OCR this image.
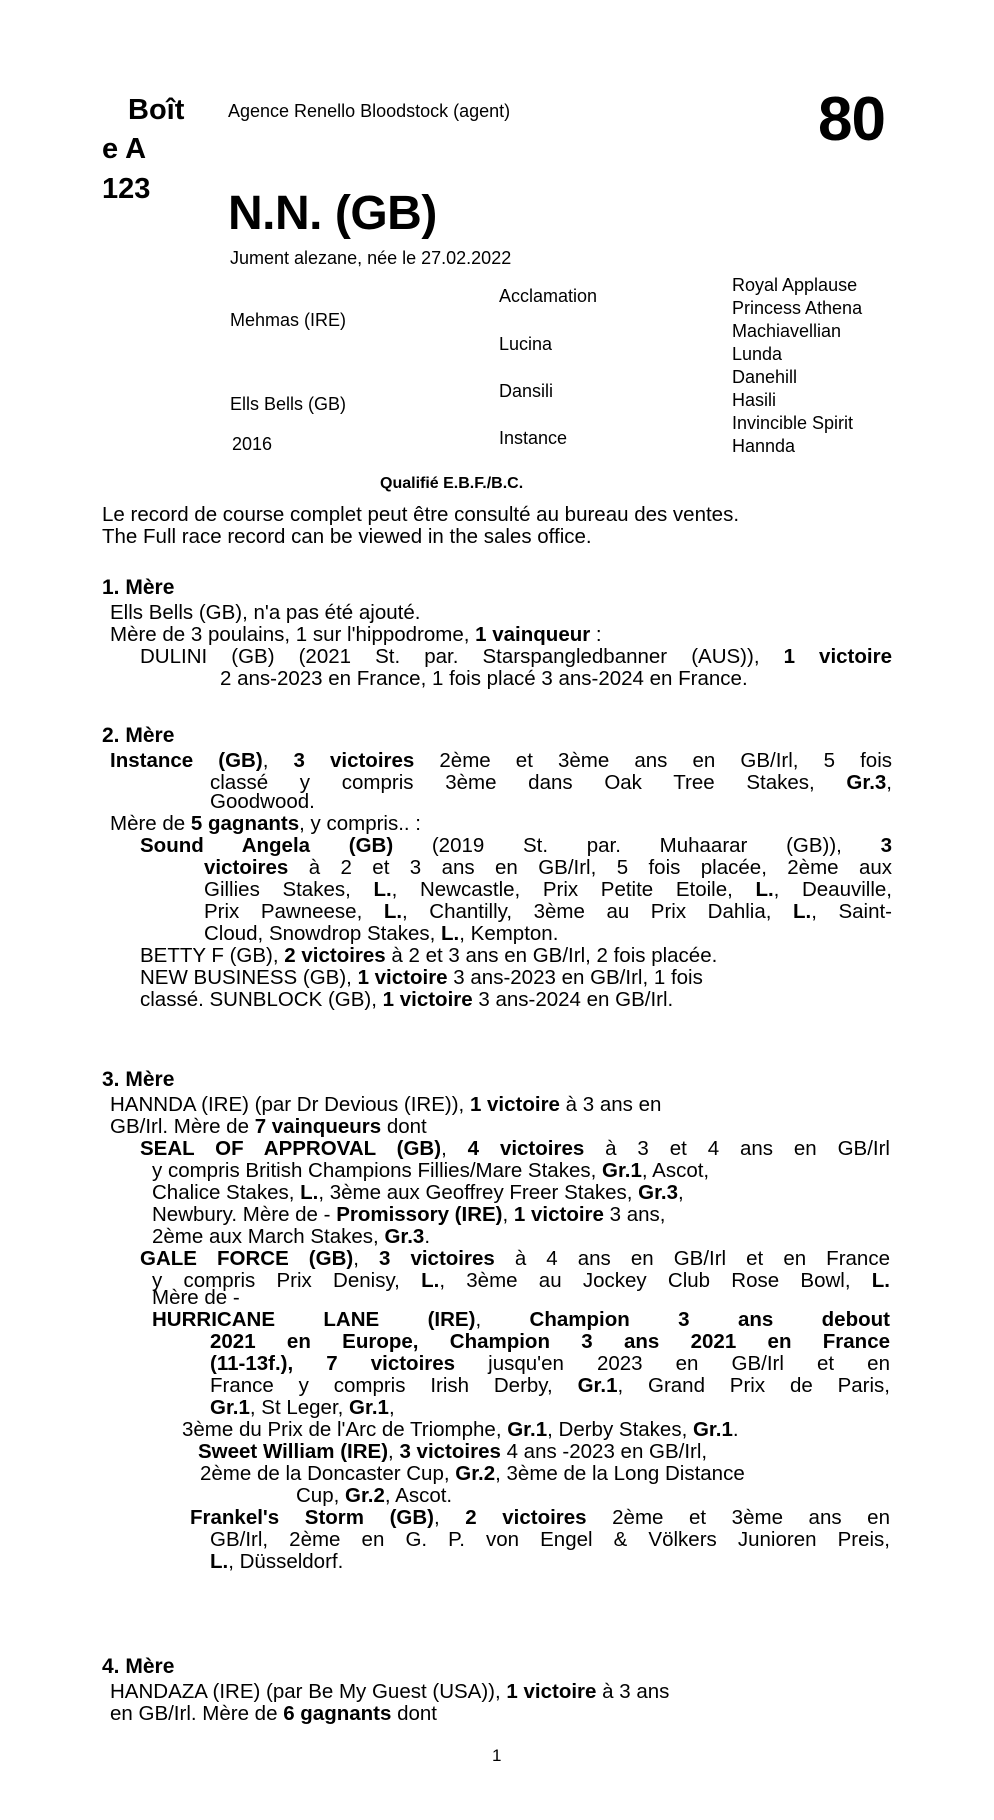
Boît
e A
123
Agence Renello Bloodstock (agent)	80
N.N. (GB)
Jument alezane, née le 27.02.2022
Mehmas (IRE)
Ells Bells (GB)
2016
Acclamation
Lucina
Dansili
Instance
Royal Applause
Princess Athena
Machiavellian
Lunda
Danehill
Hasili
Invincible Spirit
Hannda
Qualifié E.B.F./B.C.
Le record de course complet peut être consulté au bureau des ventes.
The Full race record can be viewed in the sales office.
1. Mère
Ells Bells (GB), n'a pas été ajouté.
Mère de 3 poulains, 1 sur l'hippodrome, 1 vainqueur :
DULINI (GB) (2021 St. par. Starspangledbanner (AUS)), 1 victoire
2 ans-2023 en France, 1 fois placé 3 ans-2024 en France.
2. Mère
Instance (GB), 3 victoires 2ème et 3ème ans en GB/Irl, 5 fois
classé y compris 3ème dans Oak Tree Stakes, Gr.3,
Goodwood.
Mère de 5 gagnants, y compris.. :
Sound Angela (GB) (2019 St. par. Muhaarar (GB)), 3
victoires à 2 et 3 ans en GB/Irl, 5 fois placée, 2ème aux
Gillies Stakes, L., Newcastle, Prix Petite Etoile, L., Deauville,
Prix Pawneese, L., Chantilly, 3ème au Prix Dahlia, L., Saint-
Cloud, Snowdrop Stakes, L., Kempton.
BETTY F (GB), 2 victoires à 2 et 3 ans en GB/Irl, 2 fois placée.
NEW BUSINESS (GB), 1 victoire 3 ans-2023 en GB/Irl, 1 fois
classé. SUNBLOCK (GB), 1 victoire 3 ans-2024 en GB/Irl.
3. Mère
HANNDA (IRE) (par Dr Devious (IRE)), 1 victoire à 3 ans en
GB/Irl. Mère de 7 vainqueurs dont
SEAL OF APPROVAL (GB), 4 victoires à 3 et 4 ans en GB/Irl
y compris British Champions Fillies/Mare Stakes, Gr.1, Ascot,
Chalice Stakes, L., 3ème aux Geoffrey Freer Stakes, Gr.3,
Newbury. Mère de - Promissory (IRE), 1 victoire 3 ans,
2ème aux March Stakes, Gr.3.
GALE FORCE (GB), 3 victoires à 4 ans en GB/Irl et en France
y compris Prix Denisy, L., 3ème au Jockey Club Rose Bowl, L.
Mère de -
HURRICANE LANE (IRE), Champion 3 ans debout
2021 en Europe, Champion 3 ans 2021 en France
(11-13f.), 7 victoires jusqu'en 2023 en GB/Irl et en
France y compris Irish Derby, Gr.1, Grand Prix de Paris,
Gr.1, St Leger, Gr.1,
3ème du Prix de l'Arc de Triomphe, Gr.1, Derby Stakes, Gr.1.
Sweet William (IRE), 3 victoires 4 ans -2023 en GB/Irl,
2ème de la Doncaster Cup, Gr.2, 3ème de la Long Distance
Cup, Gr.2, Ascot.
Frankel's Storm (GB), 2 victoires 2ème et 3ème ans en
GB/Irl, 2ème en G. P. von Engel & Völkers Junioren Preis,
L., Düsseldorf.
4. Mère
HANDAZA (IRE) (par Be My Guest (USA)), 1 victoire à 3 ans
en GB/Irl. Mère de 6 gagnants dont
1
